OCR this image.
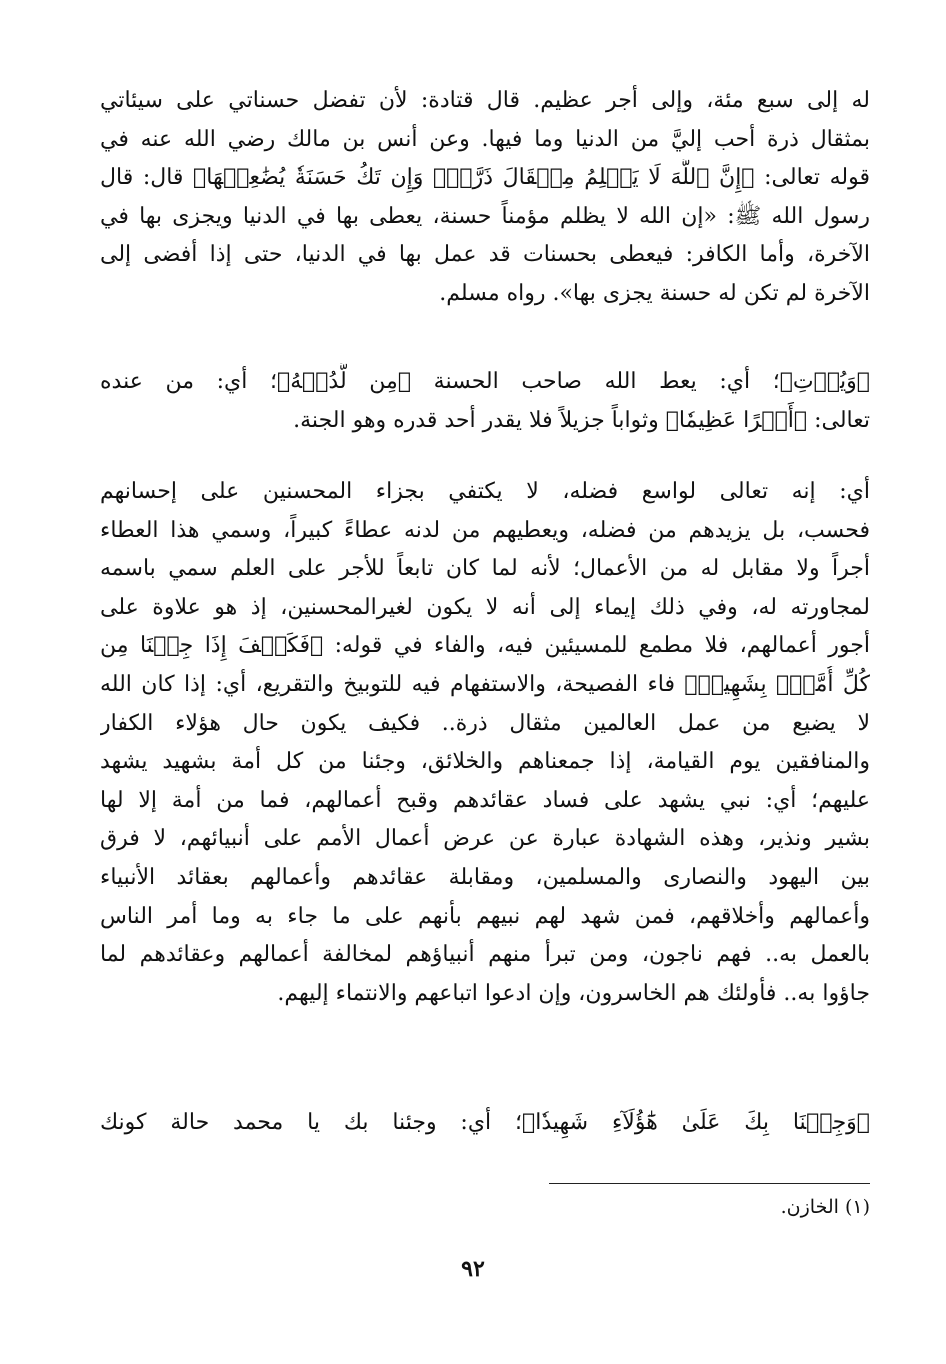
له إلى سبع مئة، وإلى أجر عظيم. قال قتادة: لأن تفضل حسناتي على سيئاتي
بمثقال ذرة أحب إليَّ من الدنيا وما فيها. وعن أنس بن مالك رضي الله عنه في
قوله تعالى: ﴿إِنَّ ٱللَّهَ لَا يَظۡلِمُ مِثۡقَالَ ذَرَّةٖۖ وَإِن تَكُ حَسَنَةٗ يُضَٰعِفۡهَا﴾ قال: قال
رسول الله ﷺ: «إن الله لا يظلم مؤمناً حسنة، يعطى بها في الدنيا ويجزى بها في
الآخرة، وأما الكافر: فيعطى بحسنات قد عمل بها في الدنيا، حتى إذا أفضى إلى
الآخرة لم تكن له حسنة يجزى بها». رواه مسلم.
﴿وَيُؤۡتِ﴾؛ أي: يعط الله صاحب الحسنة ﴿مِن لَّدُنۡهُ﴾؛ أي: من عنده
تعالى: ﴿أَجۡرًا عَظِيمٗا﴾ وثواباً جزيلاً فلا يقدر أحد قدره وهو الجنة.
أي: إنه تعالى لواسع فضله، لا يكتفي بجزاء المحسنين على إحسانهم
فحسب، بل يزيدهم من فضله، ويعطيهم من لدنه عطاءً كبيراً، وسمي هذا العطاء
أجراً ولا مقابل له من الأعمال؛ لأنه لما كان تابعاً للأجر على العلم سمي باسمه
لمجاورته له، وفي ذلك إيماء إلى أنه لا يكون لغيرالمحسنين، إذ هو علاوة على
أجور أعمالهم، فلا مطمع للمسيئين فيه، والفاء في قوله: ﴿فَكَيۡفَ إِذَا جِئۡنَا مِن
كُلِّ أُمَّةِۭ بِشَهِيدٖ﴾ فاء الفصيحة، والاستفهام فيه للتوبيخ والتقريع، أي: إذا كان الله
لا يضيع من عمل العالمين مثقال ذرة.. فكيف يكون حال هؤلاء الكفار
والمنافقين يوم القيامة، إذا جمعناهم والخلائق، وجئنا من كل أمة بشهيد يشهد
عليهم؛ أي: نبي يشهد على فساد عقائدهم وقبح أعمالهم، فما من أمة إلا لها
بشير ونذير، وهذه الشهادة عبارة عن عرض أعمال الأمم على أنبيائهم، لا فرق
بين اليهود والنصارى والمسلمين، ومقابلة عقائدهم وأعمالهم بعقائد الأنبياء
وأعمالهم وأخلاقهم، فمن شهد لهم نبيهم بأنهم على ما جاء به وما أمر الناس
بالعمل به.. فهم ناجون، ومن تبرأ منهم أنبياؤهم لمخالفة أعمالهم وعقائدهم لما
جاؤوا به.. فأولئك هم الخاسرون، وإن ادعوا اتباعهم والانتماء إليهم.
﴿وَجِئۡنَا بِكَ عَلَىٰ هَٰٓؤُلَآءِ شَهِيدٗا﴾؛ أي: وجئنا بك يا محمد حالة كونك
(١) الخازن.
٩٢
